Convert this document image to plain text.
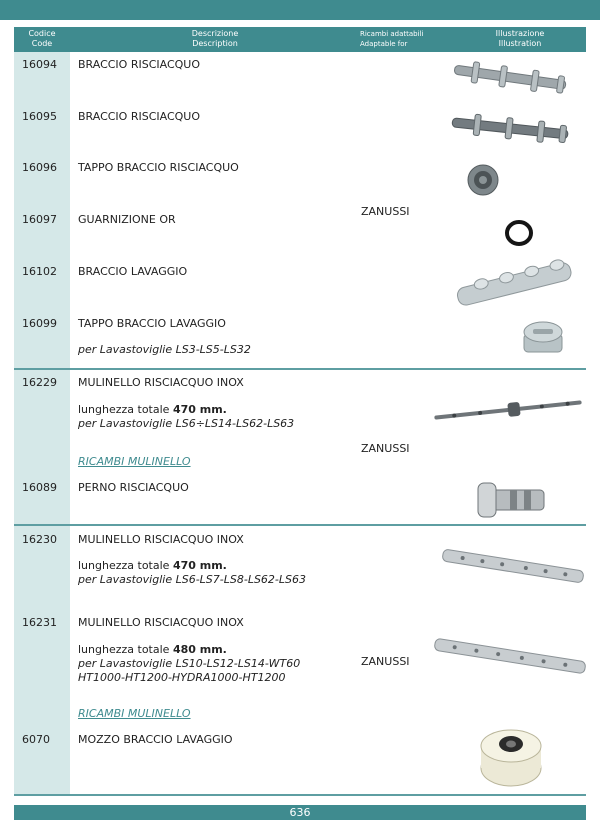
Codice
Code
Descrizione
Description
Ricambi adattabili
Adaptable for
Illustrazione
Illustration
16094 BRACCIO RISCIACQUO
16095 BRACCIO RISCIACQUO
16096 TAPPO BRACCIO RISCIACQUO
16097 GUARNIZIONE OR
16102 BRACCIO LAVAGGIO
16099 TAPPO BRACCIO LAVAGGIO
per Lavastoviglie LS3-LS5-LS32
ZANUSSI
16229 MULINELLO RISCIACQUO INOX
lunghezza totale 470 mm.
per Lavastoviglie LS6÷LS14-LS62-LS63
RICAMBI MULINELLO
16089 PERNO RISCIACQUO
ZANUSSI
16230 MULINELLO RISCIACQUO INOX
lunghezza totale 470 mm.
per Lavastoviglie LS6-LS7-LS8-LS62-LS63
16231 MULINELLO RISCIACQUO INOX
lunghezza totale 480 mm.
per Lavastoviglie LS10-LS12-LS14-WT60
HT1000-HT1200-HYDRA1000-HT1200
RICAMBI MULINELLO
6070	MOZZO BRACCIO LAVAGGIO
ZANUSSI
636
